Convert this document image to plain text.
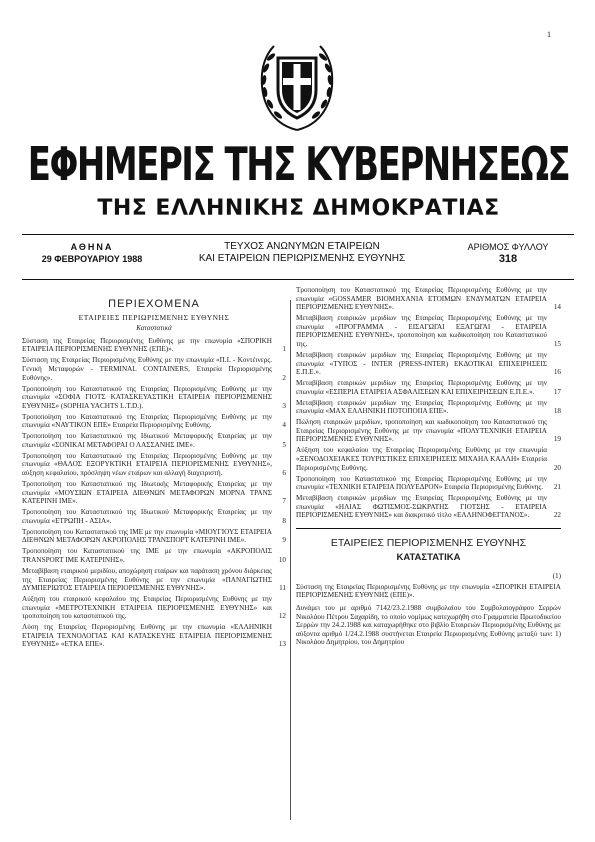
1
ΕΦΗΜΕΡΙΣ ΤΗΣ ΚΥΒΕΡΝΗΣΕΩΣ
ΤΗΣ ΕΛΛΗΝΙΚΗΣ ΔΗΜΟΚΡΑΤΙΑΣ
ΑΘΗΝΑ
29 ΦΕΒΡΟΥΑΡΙΟΥ 1988
ΤΕΥΧΟΣ ΑΝΩΝΥΜΩΝ ΕΤΑΙΡΕΙΩΝ
ΚΑΙ ΕΤΑΙΡΕΙΩΝ ΠΕΡΙΩΡΙΣΜΕΝΗΣ ΕΥΘΥΝΗΣ
ΑΡΙΘΜΟΣ ΦΥΛΛΟΥ
318
ΠΕΡΙΕΧΟΜΕΝΑ
ΕΤΑΙΡΕΙΕΣ ΠΕΡΙΩΡΙΣΜΕΝΗΣ ΕΥΘΥΝΗΣ
Καταστατικά
Σύσταση της Εταιρείας Περιορισμένης Ευθύνης με την επωνυμία «ΣΠΟΡΙΚΗ ΕΤΑΙΡΕΙΑ ΠΕΡΙΟΡΙΣΜΕΝΗΣ ΕΥΘΥΝΗΣ (ΕΠΕ)».	1
Σύσταση της Εταιρείας Περιορισμένης Ευθύνης με την επωνυμία «Π.Ι. - Κοντέινερς. Γενική Μεταφορών - TERMINAL CONTAINERS, Εταιρεία Περιορισμένης Ευθύνης».	2
Τροποποίηση του Καταστατικού της Εταιρείας Περιορισμένης Ευθύνης με την επωνυμία «ΣΟΦΙΑ ΓΙΟΤΣ ΚΑΤΑΣΚΕΥΑΣΤΙΚΗ ΕΤΑΙΡΕΙΑ ΠΕΡΙΟΡΙΣΜΕΝΗΣ ΕΥΘΥΝΗΣ» (SOPHIA YACHTS L.T.D.).	3
Τροποποίηση του Καταστατικού της Εταιρείας Περιορισμένης Ευθύνης με την επωνυμία «ΝΑΥΤΙΚΟΝ ΕΠΕ» Εταιρεία Περιορισμένης Ευθύνης.	4
Τροποποίηση του Καταστατικού της Ιδιωτικού Μεταφορικής Εταιρείας με την επωνυμία «ΣΟΝΙΚΑΙ ΜΕΤΑΦΟΡΑΙ Ο ΛΑΣΣΑΝΗΣ ΙΜΕ».	5
Τροποποίηση του Καταστατικού της Εταιρείας Περιορισμένης Ευθύνης με την επωνυμία «ΘΑΛΟΣ ΕΞΟΡΥΚΤΙΚΗ ΕΤΑΙΡΕΙΑ ΠΕΡΙΟΡΙΣΜΕΝΗΣ ΕΥΘΥΝΗΣ», αύξηση κεφαλαίου, πρόσληψη νέων εταίρων και αλλαγή διαχειριστή.	6
Τροποποίηση του Καταστατικού της Ιδιωτικής Μεταφορικής Εταιρείας με την επωνυμία «ΜΟΥΣΙΩΝ ΕΤΑΙΡΕΙΑ ΔΙΕΘΝΩΝ ΜΕΤΑΦΟΡΩΝ ΜΟΡΝΑ ΤΡΑΝΣ ΚΑΤΕΡΙΝΗ ΙΜΕ».	7
Τροποποίηση του Καταστατικού της Ιδιωτικού Μεταφορικής Εταιρείας με την επωνυμία «ΕΤΡΩΠΗ - ΑΣΙΑ».	8
Τροποποίηση του Καταστατικού της ΙΜΕ με την επωνυμία «ΜΙΟΥΓΙΟΥΣ ΕΤΑΙΡΕΙΑ ΔΙΕΘΝΩΝ ΜΕΤΑΦΟΡΩΝ ΑΚΡΟΠΟΛΗΣ ΤΡΑΝΣΠΟΡΤ ΚΑΤΕΡΙΝΗ ΙΜΕ».	9
Τροποποίηση του Καταστατικού της ΙΜΕ με την επωνυμία «ΑΚΡΟΠΟΛΙΣ TRANSPORT ΙΜΕ ΚΑΤΕΡΙΝΗΣ».	10
Μεταβίβαση εταιρικού μεριδίου, αποχώρηση εταίρων και παράταση χρόνου διάρκειας της Εταιρείας Περιορισμένης Ευθύνης με την επωνυμία «ΠΑΝΑΓΙΩΤΗΣ ΔΥΜΠΕΡΙΩΤΟΣ ΕΤΑΙΡΕΙΑ ΠΕΡΙΟΡΙΣΜΕΝΗΣ ΕΥΘΥΝΗΣ».	11
Αύξηση του εταιρικού κεφαλαίου της Εταιρείας Περιορισμένης Ευθύνης με την επωνυμία «ΜΕΤΡΟΤΕΧΝΙΚΗ ΕΤΑΙΡΕΙΑ ΠΕΡΙΟΡΙΣΜΕΝΗΣ ΕΥΘΥΝΗΣ» και τροποποίηση του καταστατικού της.	12
Λύση της Εταιρείας Περιορισμένης Ευθύνης με την επωνυμία «ΕΛΛΗΝΙΚΗ ΕΤΑΙΡΕΙΑ ΤΕΧΝΟΛΟΓΙΑΣ ΚΑΙ ΚΑΤΑΣΚΕΥΗΣ ΕΤΑΙΡΕΙΑ ΠΕΡΙΟΡΙΣΜΕΝΗΣ ΕΥΘΥΝΗΣ» «ΕΤΚΑ ΕΠΕ».	13
Τροποποίηση του Καταστατικού της Εταιρείας Περιορισμένης Ευθύνης με την επωνυμία «GOSSAMER BIOMHXANIA ΕΤΟΙΜΩΝ ΕΝΔΥΜΑΤΩΝ ΕΤΑΙΡΕΙΑ ΠΕΡΙΟΡΙΣΜΕΝΗΣ ΕΥΘΥΝΗΣ».	14
Μεταβίβαση εταιρικών μεριδίων της Εταιρείας Περιορισμένης Ευθύνης με την επωνυμία «ΠΡΟΓΡΑΜΜΑ - ΕΙΣΑΓΩΓΑΙ ΕΞΑΓΩΓΑΙ - ΕΤΑΙΡΕΙΑ ΠΕΡΙΟΡΙΣΜΕΝΗΣ ΕΥΘΥΝΗΣ», τροποποίηση και κωδικοποίηση του Καταστατικού της.	15
Μεταβίβαση εταιρικών μεριδίων της Εταιρείας Περιορισμένης Ευθύνης με την επωνυμία «ΤΥΠΟΣ - INTER (PRESS-INTER) ΕΚΔΟΤΙΚΑΙ ΕΠΙΧΕΙΡΗΣΕΙΣ Ε.Π.Ε.».	16
Μεταβίβαση εταιρικών μεριδίων της Εταιρείας Περιορισμένης Ευθύνης με την επωνυμία «ΕΣΠΕΡΙΑ ΕΤΑΙΡΕΙΑ ΑΣΦΑΛΙΣΕΩΝ ΚΑΙ ΕΠΙΧΕΙΡΗΣΕΩΝ Ε.Π.Ε.».	17
Μεταβίβαση εταιρικών μεριδίων της Εταιρείας Περιορισμένης Ευθύνης με την επωνυμία «ΜΑΧ ΕΛΛΗΝΙΚΗ ΠΟΤΟΠΟΙΙΑ ΕΠΕ».	18
Πώληση εταιρικών μεριδίων, τροποποίηση και κωδικοποίηση του Καταστατικού της Εταιρείας Περιορισμένης Ευθύνης με την επωνυμία «ΠΟΛΥΤΕΧΝΙΚΗ ΕΤΑΙΡΕΙΑ ΠΕΡΙΟΡΙΣΜΕΝΗΣ ΕΥΘΥΝΗΣ».	19
Αύξηση του κεφαλαίου της Εταιρείας Περιορισμένης Ευθύνης με την επωνυμία «ΞΕΝΟΔΟΧΕΙΑΚΕΣ ΤΟΥΡΙΣΤΙΚΕΣ ΕΠΙΧΕΙΡΗΣΕΙΣ ΜΙΧΑΗΛ ΚΑΛΛΗ» Εταιρεία Περιορισμένης Ευθύνης.	20
Τροποποίηση του Καταστατικού της Εταιρείας Περιορισμένης Ευθύνης με την επωνυμία «ΤΕΧΝΙΚΗ ΕΤΑΙΡΕΙΑ ΠΟΛΥΕΔΡΟΝ» Εταιρεία Περιορισμένης Ευθύνης. 21
Μεταβίβαση εταιρικών μεριδίων της Εταιρείας Περιορισμένης Ευθύνης με την επωνυμία «ΗΛΙΑΣ ΦΩΤΙΣΜΟΣ-ΣΩΚΡΑΤΗΣ ΓΙΟΤΣΗΣ - ΕΤΑΙΡΕΙΑ ΠΕΡΙΟΡΙΣΜΕΝΗΣ ΕΥΘΥΝΗΣ» και διακριτικό τίτλο «ΕΛΛΗΝΟΦΕΓΓΑΝΟΣ».	22
ΕΤΑΙΡΕΙΕΣ ΠΕΡΙΟΡΙΣΜΕΝΗΣ ΕΥΘΥΝΗΣ
ΚΑΤΑΣΤΑΤΙΚΑ
(1)
Σύσταση της Εταιρείας Περιορισμένης Ευθύνης με την επωνυμία «ΣΠΟΡΙΚΗ ΕΤΑΙΡΕΙΑ ΠΕΡΙΟΡΙΣΜΕΝΗΣ ΕΥΘΥΝΗΣ (ΕΠΕ)».
Δυνάμει του με αριθμό 7142/23.2.1988 συμβολαίου του Συμβολαιογράφου Σερρών Νικολάου Πέτρου Σαχαρίδη, το οποίο νομίμως κατεχωρήθη στο Γραμματεία Πρωτοδικείου Σερρών την 24.2.1988 και καταχωρήθηκε στο βιβλίο Εταιρειών Περιορισμένης Ευθύνης με αύξοντα αριθμό 1/24.2.1988 συστήνεται Εταιρεία Περιορισμένης Ευθύνης μεταξύ των: 1) Νικολάου Δημητρίου, του Δημητρίου
